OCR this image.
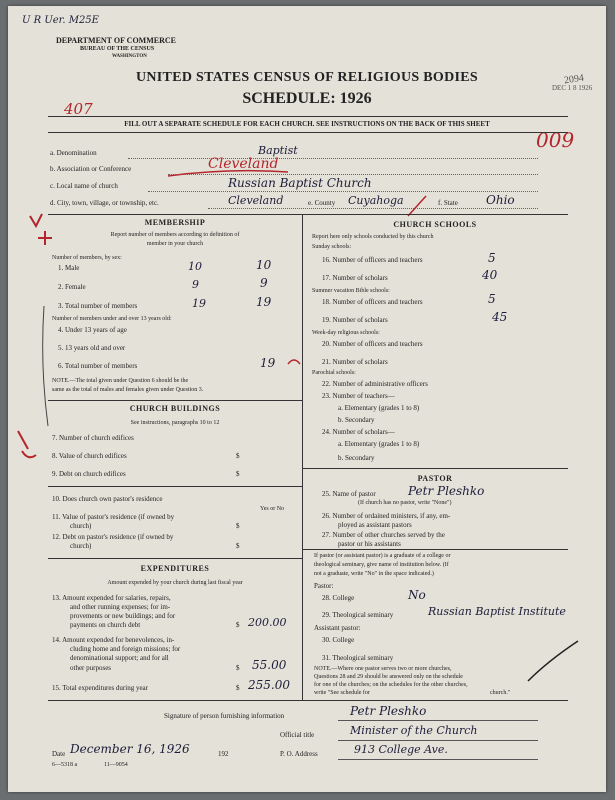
U R Uer. M25E
407
009
DEC 1 8 1926
2094
DEPARTMENT OF COMMERCE
BUREAU OF THE CENSUS
WASHINGTON
UNITED STATES CENSUS OF RELIGIOUS BODIES
SCHEDULE: 1926
FILL OUT A SEPARATE SCHEDULE FOR EACH CHURCH. SEE INSTRUCTIONS ON THE BACK OF THIS SHEET
a. Denomination	Baptist
b. Association or Conference	Cleveland
c. Local name of church	Russian Baptist Church
d. City, town, village, or township, etc.	Cleveland	e. County Cuyahoga	f. State Ohio
MEMBERSHIP
Report number of members according to definition of
member in your church
Number of members, by sex:
1. Male	10	10
2. Female	9	9
3. Total number of members	19	19
Number of members under and over 13 years old:
4. Under 13 years of age
5. 13 years old and over
6. Total number of members	19
NOTE.—The total given under Question 6 should be the
same as the total of males and females given under Question 3.
CHURCH BUILDINGS
See instructions, paragraphs 10 to 12
7. Number of church edifices
8. Value of church edifices	$
9. Debt on church edifices	$
10. Does church own pastor's residence
Yes or No
11. Value of pastor's residence (if owned by
church)	$
12. Debt on pastor's residence (if owned by
church)	$
EXPENDITURES
Amount expended by your church during last fiscal year
13. Amount expended for salaries, repairs,
and other running expenses; for im-
provements or new buildings; and for
payments on church debt	$ 200.00
14. Amount expended for benevolences, in-
cluding home and foreign missions; for
denominational support; and for all
other purposes	$ 55.00
15. Total expenditures during year	$ 255.00
CHURCH SCHOOLS
Report here only schools conducted by this church
Sunday schools:
16. Number of officers and teachers	5
17. Number of scholars	40
Summer vacation Bible schools:
18. Number of officers and teachers	5
19. Number of scholars	45
Week-day religious schools:
20. Number of officers and teachers
21. Number of scholars
Parochial schools:
22. Number of administrative officers
23. Number of teachers—
a. Elementary (grades 1 to 8)
b. Secondary
24. Number of scholars—
a. Elementary (grades 1 to 8)
b. Secondary
PASTOR
25. Name of pastor	Petr Pleshko
(If church has no pastor, write "None")
26. Number of ordained ministers, if any, em-
ployed as assistant pastors
27. Number of other churches served by the
pastor or his assistants
If pastor (or assistant pastor) is a graduate of a college or
theological seminary, give name of institution below. (If
not a graduate, write "No" in the space indicated.)
Pastor:
28. College	No
29. Theological seminary	Russian Baptist Institute
Assistant pastor:
30. College
31. Theological seminary
NOTE.—Where one pastor serves two or more churches,
Questions 28 and 29 should be answered only on the schedule
for one of the churches; on the schedules for the other churches,
write "See schedule for	church."
Signature of person furnishing information	Petr Pleshko
Official title	Minister of the Church
Date December 16, 1926	192	P. O. Address	913 College Ave.
6—5318 a	11—9054
